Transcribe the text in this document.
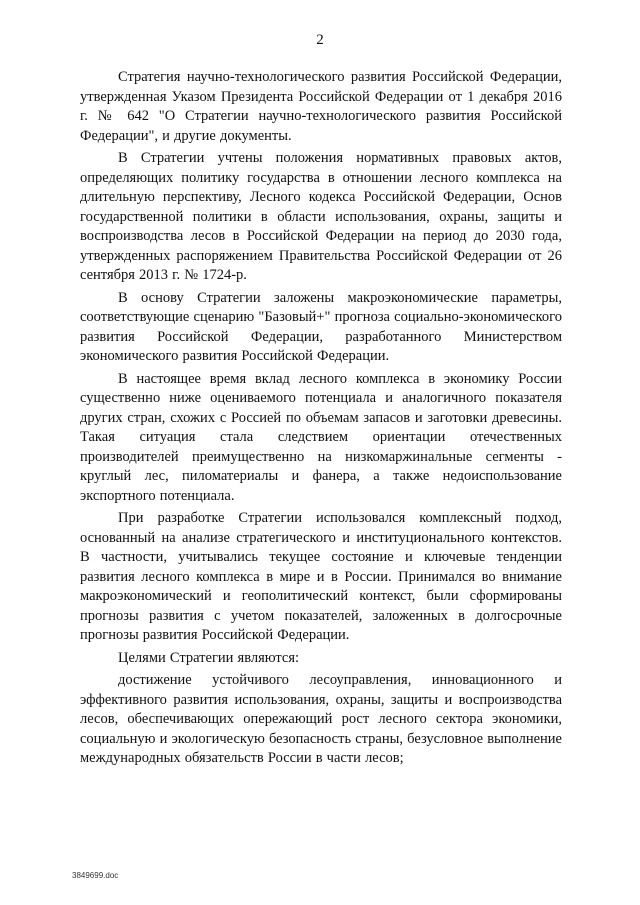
2

Стратегия научно-технологического развития Российской Федерации, утвержденная Указом Президента Российской Федерации от 1 декабря 2016 г. № 642 "О Стратегии научно-технологического развития Российской Федерации", и другие документы.

В Стратегии учтены положения нормативных правовых актов, определяющих политику государства в отношении лесного комплекса на длительную перспективу, Лесного кодекса Российской Федерации, Основ государственной политики в области использования, охраны, защиты и воспроизводства лесов в Российской Федерации на период до 2030 года, утвержденных распоряжением Правительства Российской Федерации от 26 сентября 2013 г. № 1724-р.

В основу Стратегии заложены макроэкономические параметры, соответствующие сценарию "Базовый+" прогноза социально-экономического развития Российской Федерации, разработанного Министерством экономического развития Российской Федерации.

В настоящее время вклад лесного комплекса в экономику России существенно ниже оцениваемого потенциала и аналогичного показателя других стран, схожих с Россией по объемам запасов и заготовки древесины. Такая ситуация стала следствием ориентации отечественных производителей преимущественно на низкомаржинальные сегменты - круглый лес, пиломатериалы и фанера, а также недоиспользование экспортного потенциала.

При разработке Стратегии использовался комплексный подход, основанный на анализе стратегического и институционального контекстов. В частности, учитывались текущее состояние и ключевые тенденции развития лесного комплекса в мире и в России. Принимался во внимание макроэкономический и геополитический контекст, были сформированы прогнозы развития с учетом показателей, заложенных в долгосрочные прогнозы развития Российской Федерации.

Целями Стратегии являются:

достижение устойчивого лесоуправления, инновационного и эффективного развития использования, охраны, защиты и воспроизводства лесов, обеспечивающих опережающий рост лесного сектора экономики, социальную и экологическую безопасность страны, безусловное выполнение международных обязательств России в части лесов;

3849699.doc
